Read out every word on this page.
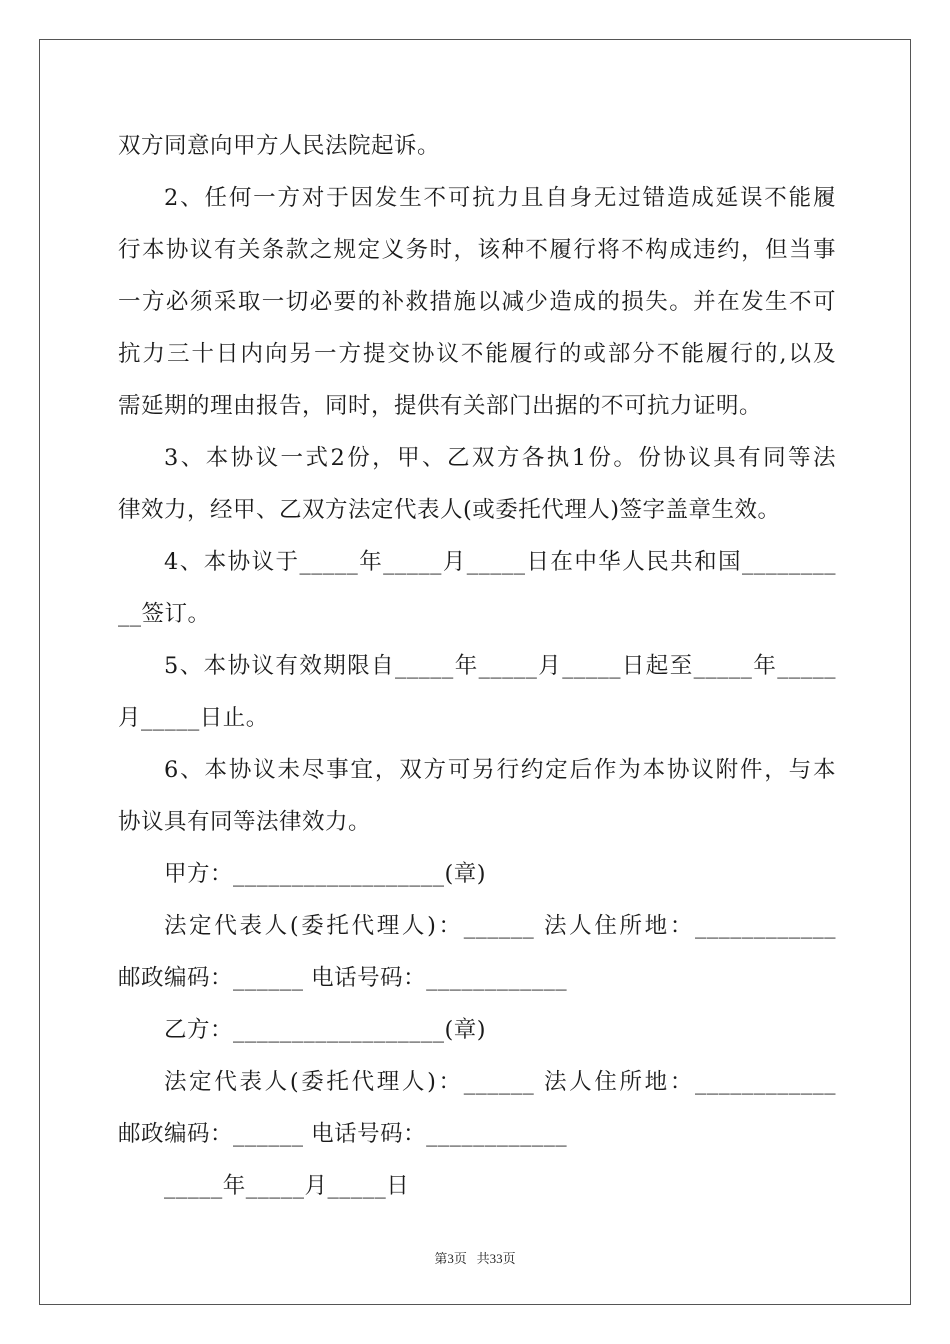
双方同意向甲方人民法院起诉。
2、任何一方对于因发生不可抗力且自身无过错造成延误不能履
行本协议有关条款之规定义务时，该种不履行将不构成违约，但当事
一方必须采取一切必要的补救措施以减少造成的损失。并在发生不可
抗力三十日内向另一方提交协议不能履行的或部分不能履行的,以及
需延期的理由报告，同时，提供有关部门出据的不可抗力证明。
3、本协议一式2份，甲、乙双方各执1份。份协议具有同等法
律效力，经甲、乙双方法定代表人(或委托代理人)签字盖章生效。
4、本协议于_____年_____月_____日在中华人民共和国________
__签订。
5、本协议有效期限自_____年_____月_____日起至_____年_____
月_____日止。
6、本协议未尽事宜，双方可另行约定后作为本协议附件，与本
协议具有同等法律效力。
甲方：__________________(章)
法定代表人(委托代理人)：______ 法人住所地：____________
邮政编码：______ 电话号码：____________
乙方：__________________(章)
法定代表人(委托代理人)：______ 法人住所地：____________
邮政编码：______ 电话号码：____________
_____年_____月_____日
第3页   共33页
